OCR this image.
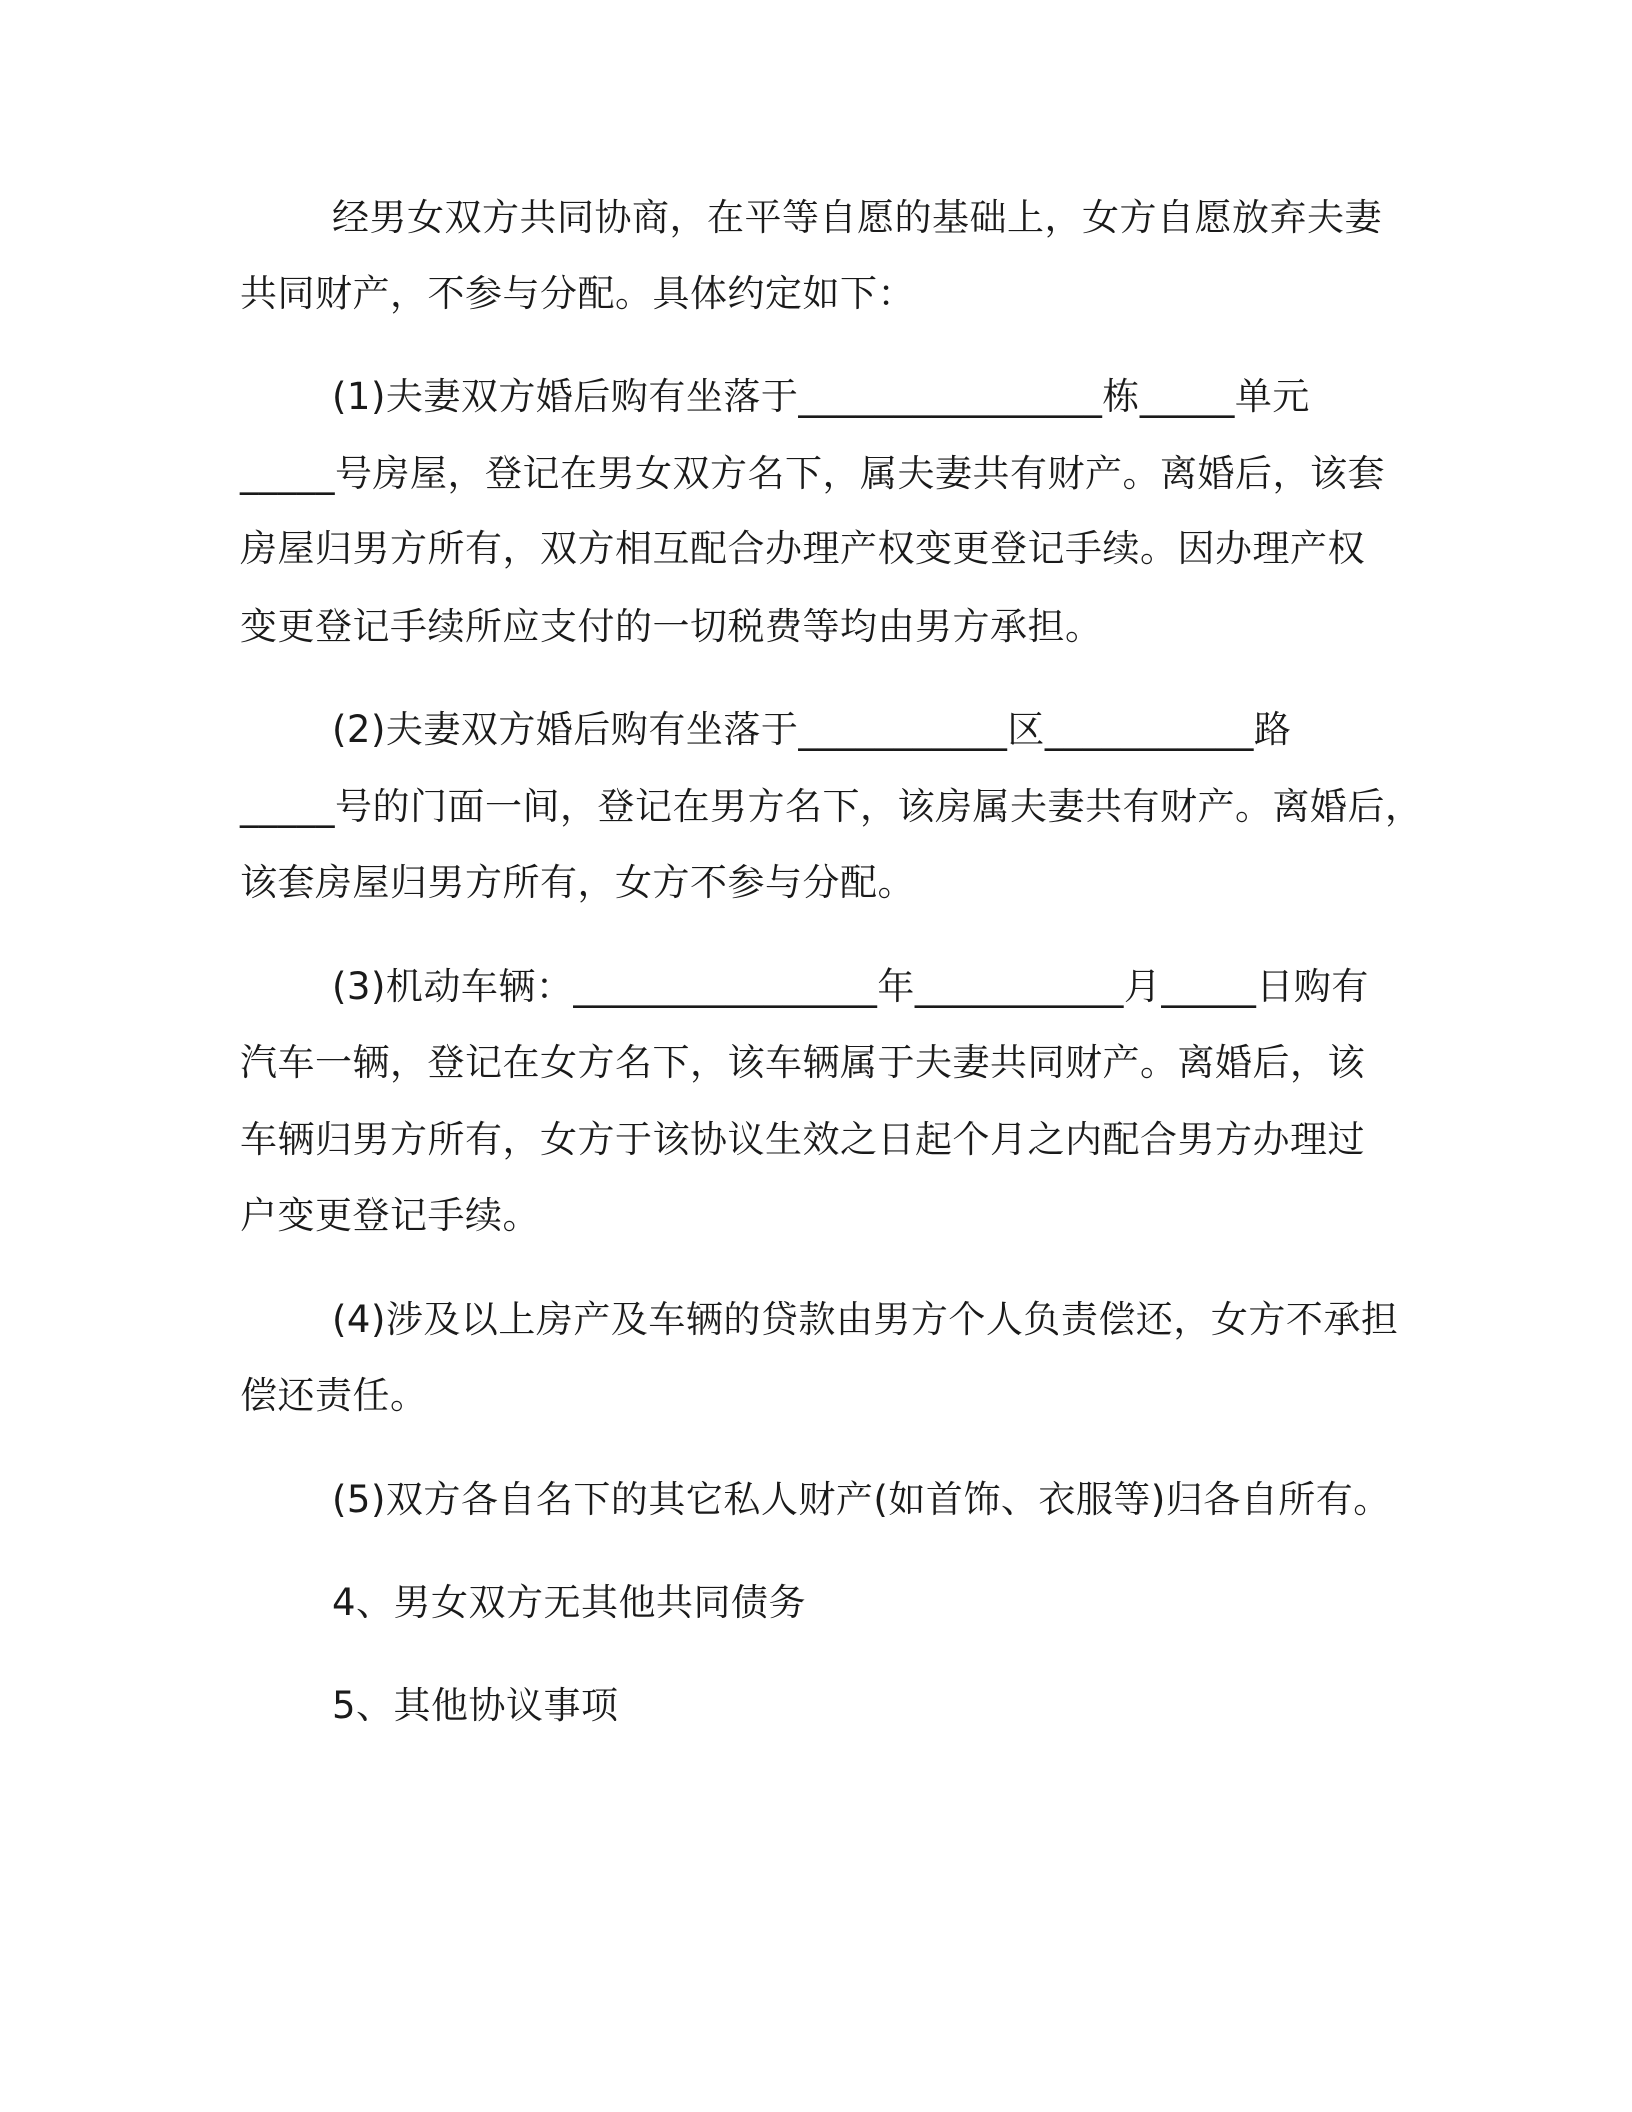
经男女双方共同协商，在平等自愿的基础上，女方自愿放弃夫妻
共同财产，不参与分配。具体约定如下：
(1)夫妻双方婚后购有坐落于________________栋_____单元
_____号房屋，登记在男女双方名下，属夫妻共有财产。离婚后，该套
房屋归男方所有，双方相互配合办理产权变更登记手续。因办理产权
变更登记手续所应支付的一切税费等均由男方承担。
(2)夫妻双方婚后购有坐落于___________区___________路
_____号的门面一间，登记在男方名下，该房属夫妻共有财产。离婚后，
该套房屋归男方所有，女方不参与分配。
(3)机动车辆：________________年___________月_____日购有
汽车一辆，登记在女方名下，该车辆属于夫妻共同财产。离婚后，该
车辆归男方所有，女方于该协议生效之日起个月之内配合男方办理过
户变更登记手续。
(4)涉及以上房产及车辆的贷款由男方个人负责偿还，女方不承担
偿还责任。
(5)双方各自名下的其它私人财产(如首饰、衣服等)归各自所有。
4、男女双方无其他共同债务
5、其他协议事项
